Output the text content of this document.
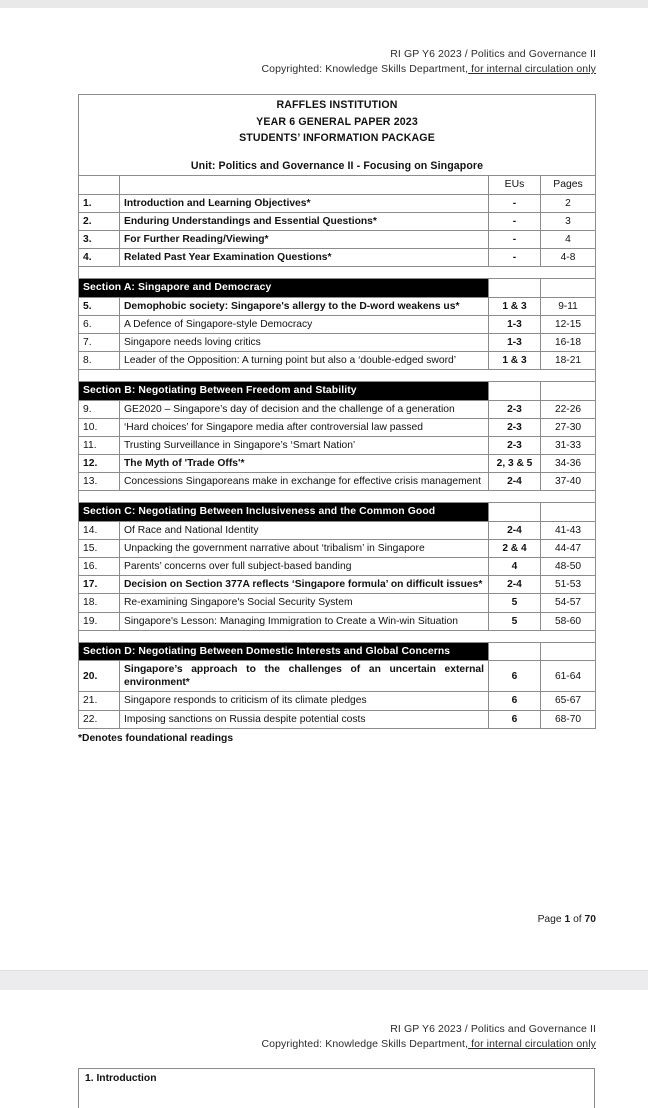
RI GP Y6 2023 / Politics and Governance II
Copyrighted: Knowledge Skills Department, for internal circulation only
RAFFLES INSTITUTION
YEAR 6 GENERAL PAPER 2023
STUDENTS’ INFORMATION PACKAGE
Unit: Politics and Governance II - Focusing on Singapore			

		EUs	Pages
1.	Introduction and Learning Objectives*	-	2
2.	Enduring Understandings and Essential Questions*	-	3
3.	For Further Reading/Viewing*	-	4
4.	Related Past Year Examination Questions*	-	4-8

Section A: Singapore and Democracy			
5.	Demophobic society: Singapore's allergy to the D-word weakens us*	1 & 3	9-11
6.	A Defence of Singapore-style Democracy	1-3	12-15
7.	Singapore needs loving critics	1-3	16-18
8.	Leader of the Opposition: A turning point but also a ‘double-edged sword’	1 & 3	18-21

Section B: Negotiating Between Freedom and Stability			
9.	GE2020 – Singapore’s day of decision and the challenge of a generation	2-3	22-26
10.	‘Hard choices’ for Singapore media after controversial law passed	2-3	27-30
11.	Trusting Surveillance in Singapore’s ‘Smart Nation’	2-3	31-33
12.	The Myth of 'Trade Offs'*	2, 3 & 5	34-36
13.	Concessions Singaporeans make in exchange for effective crisis management	2-4	37-40

Section C: Negotiating Between Inclusiveness and the Common Good			
14.	Of Race and National Identity	2-4	41-43
15.	Unpacking the government narrative about ‘tribalism’ in Singapore	2 & 4	44-47
16.	Parents’ concerns over full subject-based banding	4	48-50
17.	Decision on Section 377A reflects ‘Singapore formula’ on difficult issues*	2-4	51-53
18.	Re-examining Singapore's Social Security System	5	54-57
19.	Singapore's Lesson: Managing Immigration to Create a Win-win Situation	5	58-60

Section D: Negotiating Between Domestic Interests and Global Concerns			
20.	Singapore’s approach to the challenges of an uncertain external environment*	6	61-64
21.	Singapore responds to criticism of its climate pledges	6	65-67
22.	Imposing sanctions on Russia despite potential costs	6	68-70
*Denotes foundational readings
Page 1 of 70
RI GP Y6 2023 / Politics and Governance II
Copyrighted: Knowledge Skills Department, for internal circulation only
1. Introduction
